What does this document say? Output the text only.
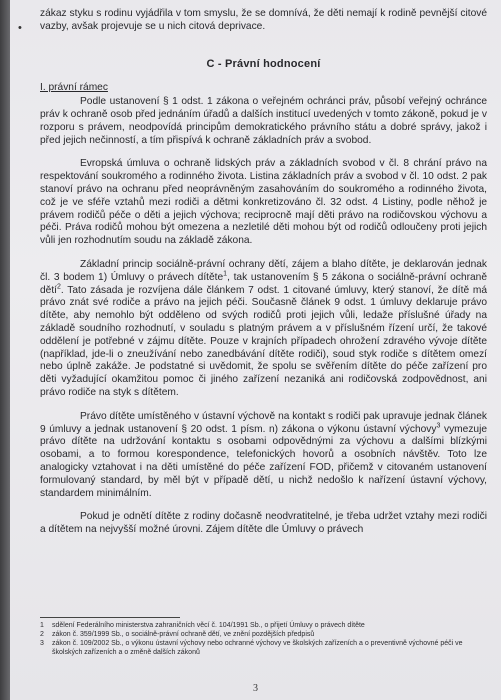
•

zákaz styku s rodinu vyjádřila v tom smyslu, že se domnívá, že děti nemají k rodině pevnější citové vazby, avšak projevuje se u nich citová deprivace.

C - Právní hodnocení

I. právní rámec

Podle ustanovení § 1 odst. 1 zákona o veřejném ochránci práv, působí veřejný ochránce práv k ochraně osob před jednáním úřadů a dalších institucí uvedených v tomto zákoně, pokud je v rozporu s právem, neodpovídá principům demokratického právního státu a dobré správy, jakož i před jejich nečinností, a tím přispívá k ochraně základních práv a svobod.

Evropská úmluva o ochraně lidských práv a základních svobod v čl. 8 chrání právo na respektování soukromého a rodinného života. Listina základních práv a svobod v čl. 10 odst. 2 pak stanoví právo na ochranu před neoprávněným zasahováním do soukromého a rodinného života, což je ve sféře vztahů mezi rodiči a dětmi konkretizováno čl. 32 odst. 4 Listiny, podle něhož je právem rodičů péče o děti a jejich výchova; reciprocně mají děti právo na rodičovskou výchovu a péči. Práva rodičů mohou být omezena a nezletilé děti mohou být od rodičů odloučeny proti jejich vůli jen rozhodnutím soudu na základě zákona.

Základní princip sociálně-právní ochrany dětí, zájem a blaho dítěte, je deklarován jednak čl. 3 bodem 1) Úmluvy o právech dítěte$^1$, tak ustanovením § 5 zákona o sociálně-právní ochraně dětí$^2$. Tato zásada je rozvíjena dále článkem 7 odst. 1 citované úmluvy, který stanoví, že dítě má právo znát své rodiče a právo na jejich péči. Současně článek 9 odst. 1 úmluvy deklaruje právo dítěte, aby nemohlo být odděleno od svých rodičů proti jejich vůli, ledaže příslušné úřady na základě soudního rozhodnutí, v souladu s platným právem a v příslušném řízení určí, že takové oddělení je potřebné v zájmu dítěte. Pouze v krajních případech ohrožení zdravého vývoje dítěte (například, jde-li o zneužívání nebo zanedbávání dítěte rodiči), soud styk rodiče s dítětem omezí nebo úplně zakáže. Je podstatné si uvědomit, že spolu se svěřením dítěte do péče zařízení pro děti vyžadující okamžitou pomoc či jiného zařízení nezaniká ani rodičovská zodpovědnost, ani právo rodiče na styk s dítětem.

Právo dítěte umístěného v ústavní výchově na kontakt s rodiči pak upravuje jednak článek 9 úmluvy a jednak ustanovení § 20 odst. 1 písm. n) zákona o výkonu ústavní výchovy$^3$ vymezuje právo dítěte na udržování kontaktu s osobami odpovědnými za výchovu a dalšími blízkými osobami, a to formou korespondence, telefonických hovorů a osobních návštěv. Toto lze analogicky vztahovat i na děti umístěné do péče zařízení FOD, přičemž v citovaném ustanovení formulovaný standard, by měl být v případě dětí, u nichž nedošlo k nařízení ústavní výchovy, standardem minimálním.

Pokud je odnětí dítěte z rodiny dočasně neodvratitelné, je třeba udržet vztahy mezi rodiči a dítětem na nejvyšší možné úrovni. Zájem dítěte dle Úmluvy o právech

1	sdělení Federálního ministerstva zahraničních věcí č. 104/1991 Sb., o přijetí Úmluvy o právech dítěte
2	zákon č. 359/1999 Sb., o sociálně-právní ochraně dětí, ve znění pozdějších předpisů
3	zákon č. 109/2002 Sb., o výkonu ústavní výchovy nebo ochranné výchovy ve školských zařízeních a o preventivně výchovné péči ve školských zařízeních a o změně dalších zákonů
3
